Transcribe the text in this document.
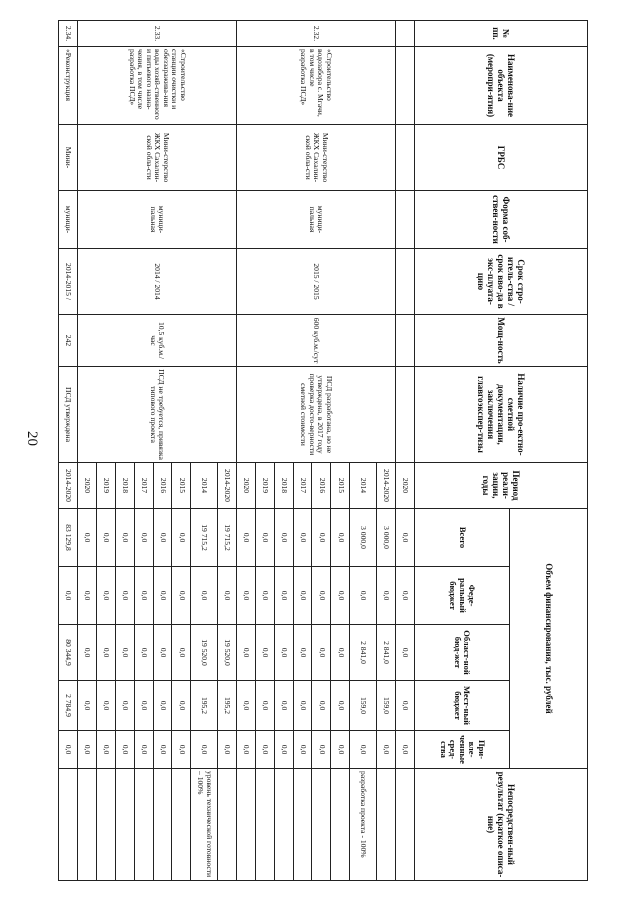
20
№ пп.	Наименова-ние объекта (меропри-ятия)	ГРБС	Форма соб-ствен-ности	Срок стро-итель-ства / срок вво-да в экс-плуата-цию	Мощ-ность	Наличие про-ектно-сметной документации, заключения главгоэкспер-тизы	Период реали-зации, годы	Объем финансирования, тыс. рублей					Непосредствен-ный результат (краткое описа-ние)
								Всего	Феде-ральный бюджет	Област-ной бюд-жет	Мест-ный бюджет	При-вле-ченные сред-ства	
							2020	0,0	0,0	0,0	0,0	0,0	
2.32.	«Строительство водозабора с. Мгачи, в том числе разработка ПСД»	Мини-стерство ЖКХ Сахалин-ской обла-сти	муници-пальная	2015 / 2015	600 куб.м./сут	ПСД разработана, но не утверждена, в 2017 году проверка досто-верности сметной стоимости	2014-2020	3 000,0	0,0	2 841,0	159,0	0,0	
							2014	3 000,0	0,0	2 841,0	159,0	0,0	разработка проекта - 100%
							2015	0,0	0,0	0,0	0,0	0,0	
							2016	0,0	0,0	0,0	0,0	0,0	
							2017	0,0	0,0	0,0	0,0	0,0	
							2018	0,0	0,0	0,0	0,0	0,0	
							2019	0,0	0,0	0,0	0,0	0,0	
							2020	0,0	0,0	0,0	0,0	0,0	
2.33.	«Строительство станции очистки и обеззаражива-ния воды хозяй-ственного и питьевого назна-чения, в том числе разработка ПСД»	Мини-стерство ЖКХ Сахалин-ской обла-сти	муници-пальная	2014 / 2014	10,5 куб.м./час	ПСД не требуется, привязка типового проекта	2014-2020	19 715,2	0,0	19 520,0	195,2	0,0	
							2014	19 715,2	0,0	19 520,0	195,2	0,0	уровень технической готовности – 100%
							2015	0,0	0,0	0,0	0,0	0,0	
							2016	0,0	0,0	0,0	0,0	0,0	
							2017	0,0	0,0	0,0	0,0	0,0	
							2018	0,0	0,0	0,0	0,0	0,0	
							2019	0,0	0,0	0,0	0,0	0,0	
							2020	0,0	0,0	0,0	0,0	0,0	
2.34.	«Реконструкция	Мини-	муници-	2014-2015 /	242	ПСД утверждена	2014-2020	83 129,8	0,0	80 344,9	2 784,9	0,0	
